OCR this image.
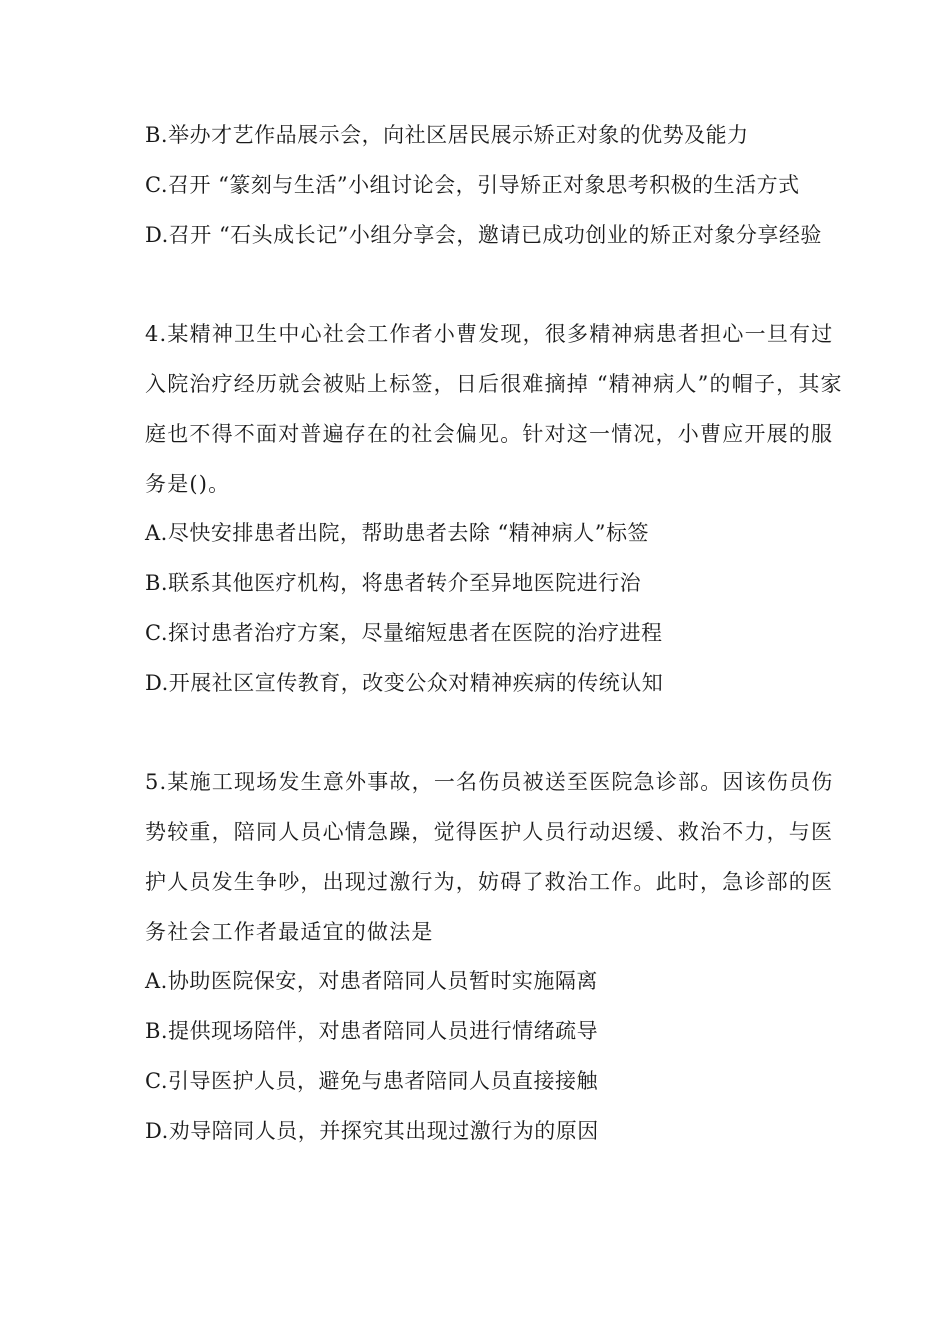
B.举办才艺作品展示会，向社区居民展示矫正对象的优势及能力
C.召开 “篆刻与生活”小组讨论会，引导矫正对象思考积极的生活方式
D.召开 “石头成长记”小组分享会，邀请已成功创业的矫正对象分享经验
4.某精神卫生中心社会工作者小曹发现，很多精神病患者担心一旦有过
入院治疗经历就会被贴上标签，日后很难摘掉 “精神病人”的帽子，其家
庭也不得不面对普遍存在的社会偏见。针对这一情况，小曹应开展的服
务是()。
A.尽快安排患者出院，帮助患者去除 “精神病人”标签
B.联系其他医疗机构，将患者转介至异地医院进行治
C.探讨患者治疗方案，尽量缩短患者在医院的治疗进程
D.开展社区宣传教育，改变公众对精神疾病的传统认知
5.某施工现场发生意外事故，一名伤员被送至医院急诊部。因该伤员伤
势较重，陪同人员心情急躁，觉得医护人员行动迟缓、救治不力，与医
护人员发生争吵，出现过激行为，妨碍了救治工作。此时，急诊部的医
务社会工作者最适宜的做法是
A.协助医院保安，对患者陪同人员暂时实施隔离
B.提供现场陪伴，对患者陪同人员进行情绪疏导
C.引导医护人员，避免与患者陪同人员直接接触
D.劝导陪同人员，并探究其出现过激行为的原因
